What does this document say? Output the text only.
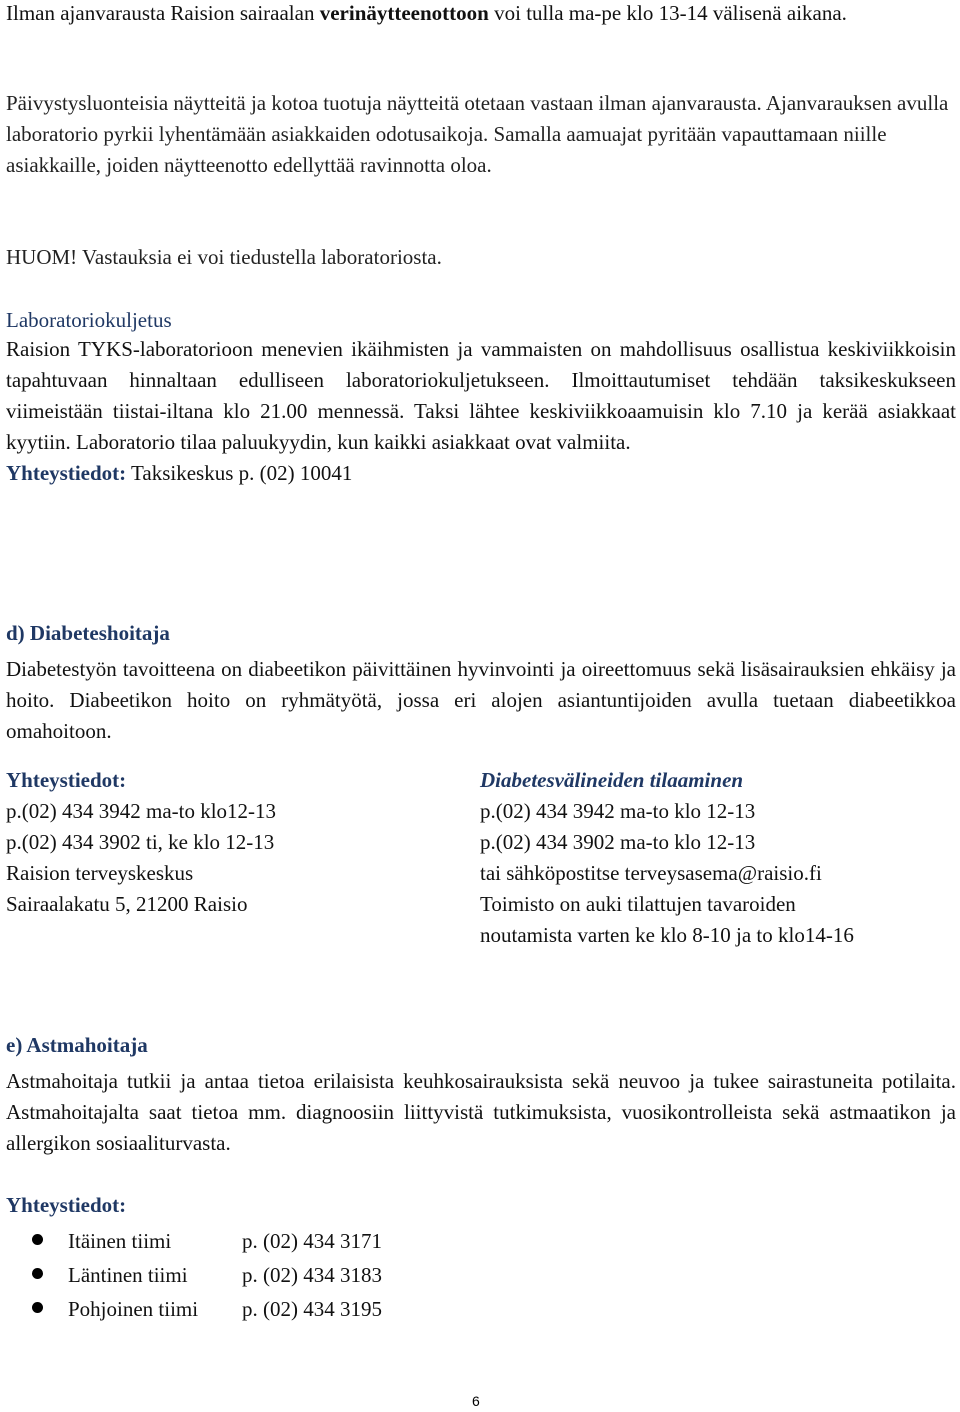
Ilman ajanvarausta Raision sairaalan verinäytteenottoon voi tulla ma-pe klo 13-14 välisenä aikana.

Päivystysluonteisia näytteitä ja kotoa tuotuja näytteitä otetaan vastaan ilman ajanvarausta. Ajanvarauksen avulla laboratorio pyrkii lyhentämään asiakkaiden odotusaikoja. Samalla aamuajat pyritään vapauttamaan niille asiakkaille, joiden näytteenotto edellyttää ravinnotta oloa.

HUOM! Vastauksia ei voi tiedustella laboratoriosta.

Laboratoriokuljetus

Raision TYKS-laboratorioon menevien ikäihmisten ja vammaisten on mahdollisuus osallistua keskiviikkoisin tapahtuvaan hinnaltaan edulliseen laboratoriokuljetukseen. Ilmoittautumiset tehdään taksikeskukseen viimeistään tiistai-iltana klo 21.00 mennessä. Taksi lähtee keskiviikkoaamuisin klo 7.10 ja kerää asiakkaat kyytiin. Laboratorio tilaa paluukyydin, kun kaikki asiakkaat ovat valmiita.

Yhteystiedot: Taksikeskus p. (02) 10041

d) Diabeteshoitaja

Diabetestyön tavoitteena on diabeetikon päivittäinen hyvinvointi ja oireettomuus sekä lisäsairauksien ehkäisy ja hoito. Diabeetikon hoito on ryhmätyötä, jossa eri alojen asiantuntijoiden avulla tuetaan diabeetikkoa omahoitoon.

Yhteystiedot:

p.(02) 434 3942 ma-to klo12-13

p.(02) 434 3902 ti, ke klo 12-13

Raision terveyskeskus

Sairaalakatu 5, 21200 Raisio

Diabetesvälineiden tilaaminen

p.(02) 434 3942 ma-to klo 12-13

p.(02) 434 3902 ma-to klo 12-13

tai sähköpostitse terveysasema@raisio.fi

Toimisto on auki tilattujen tavaroiden

noutamista varten ke klo 8-10 ja to klo14-16

e) Astmahoitaja

Astmahoitaja tutkii ja antaa tietoa erilaisista keuhkosairauksista sekä neuvoo ja tukee sairastuneita potilaita. Astmahoitajalta saat tietoa mm. diagnoosiin liittyvistä tutkimuksista, vuosikontrolleista sekä astmaatikon ja allergikon sosiaaliturvasta.

Yhteystiedot:

Itäinen tiimi	p. (02) 434 3171
Läntinen tiimi	p. (02) 434 3183
Pohjoinen tiimi p. (02) 434 3195
6
